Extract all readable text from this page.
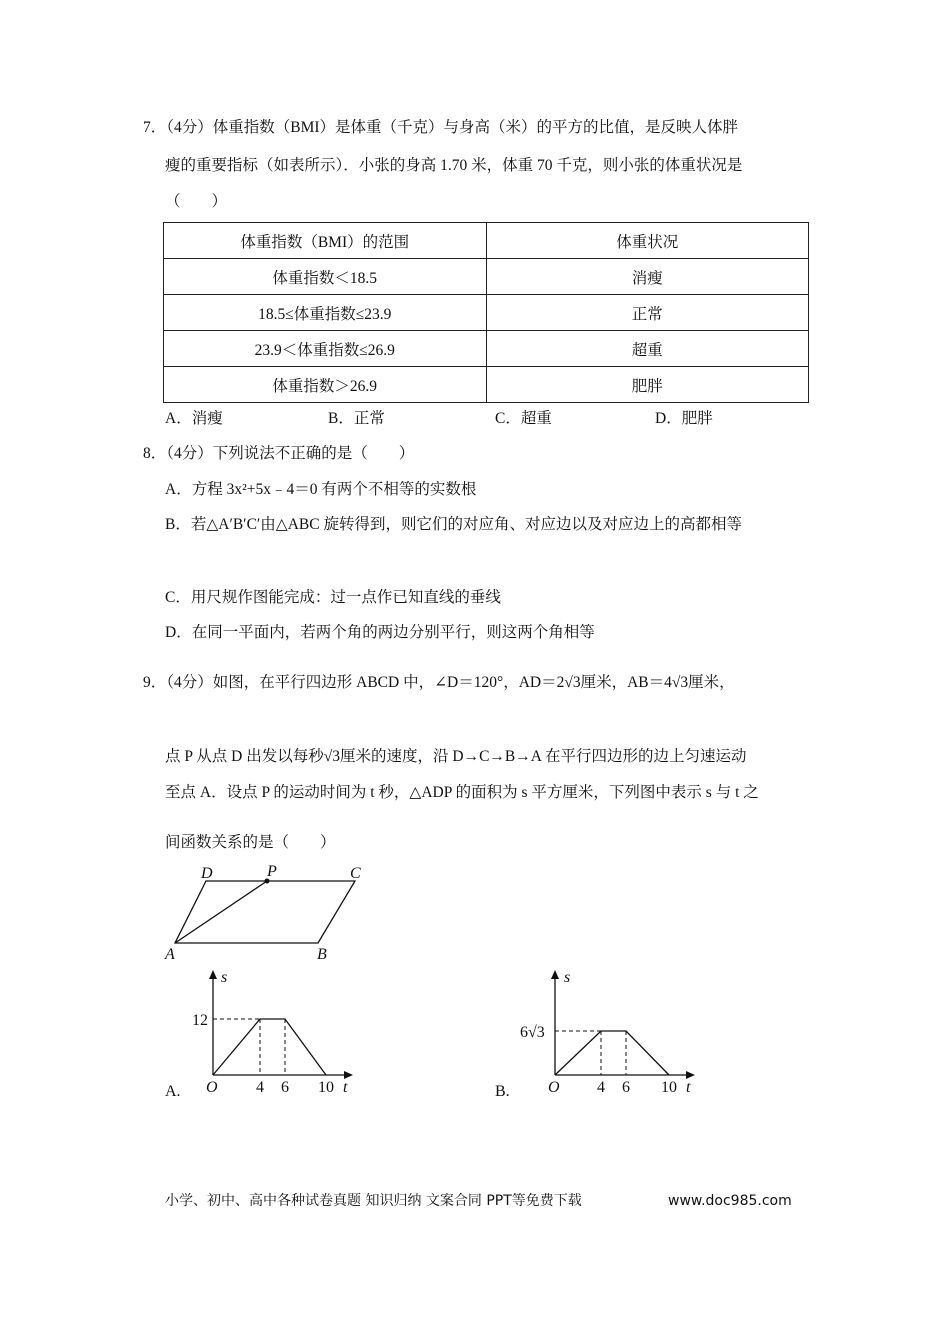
7．（4分）体重指数（BMI）是体重（千克）与身高（米）的平方的比值，是反映人体胖
瘦的重要指标（如表所示）．小张的身高 1.70 米，体重 70 千克，则小张的体重状况是
（　　）
体重指数（BMI）的范围	体重状况
体重指数＜18.5	消瘦
18.5≤体重指数≤23.9	正常
23.9＜体重指数≤26.9	超重
体重指数＞26.9	肥胖
A．消瘦	B．正常	C．超重	D．肥胖
8．（4分）下列说法不正确的是（　　）
A．方程 3x²+5x﹣4＝0 有两个不相等的实数根
B．若△A′B′C′由△ABC 旋转得到，则它们的对应角、对应边以及对应边上的高都相等
C．用尺规作图能完成：过一点作已知直线的垂线
D．在同一平面内，若两个角的两边分别平行，则这两个角相等
9．（4分）如图，在平行四边形 ABCD 中，∠D＝120°，AD＝2√3厘米，AB＝4√3厘米，
点 P 从点 D 出发以每秒√3厘米的速度，沿 D→C→B→A 在平行四边形的边上匀速运动
至点 A．设点 P 的运动时间为 t 秒，△ADP 的面积为 s 平方厘米，下列图中表示 s 与 t 之
间函数关系的是（　　）
D	P	C
A	B
s
12
O 4 6 10 t
A.
s
6√3
O 4 6 10 t
B.
小学、初中、高中各种试卷真题 知识归纳 文案合同 PPT等免费下载	www.doc985.com
